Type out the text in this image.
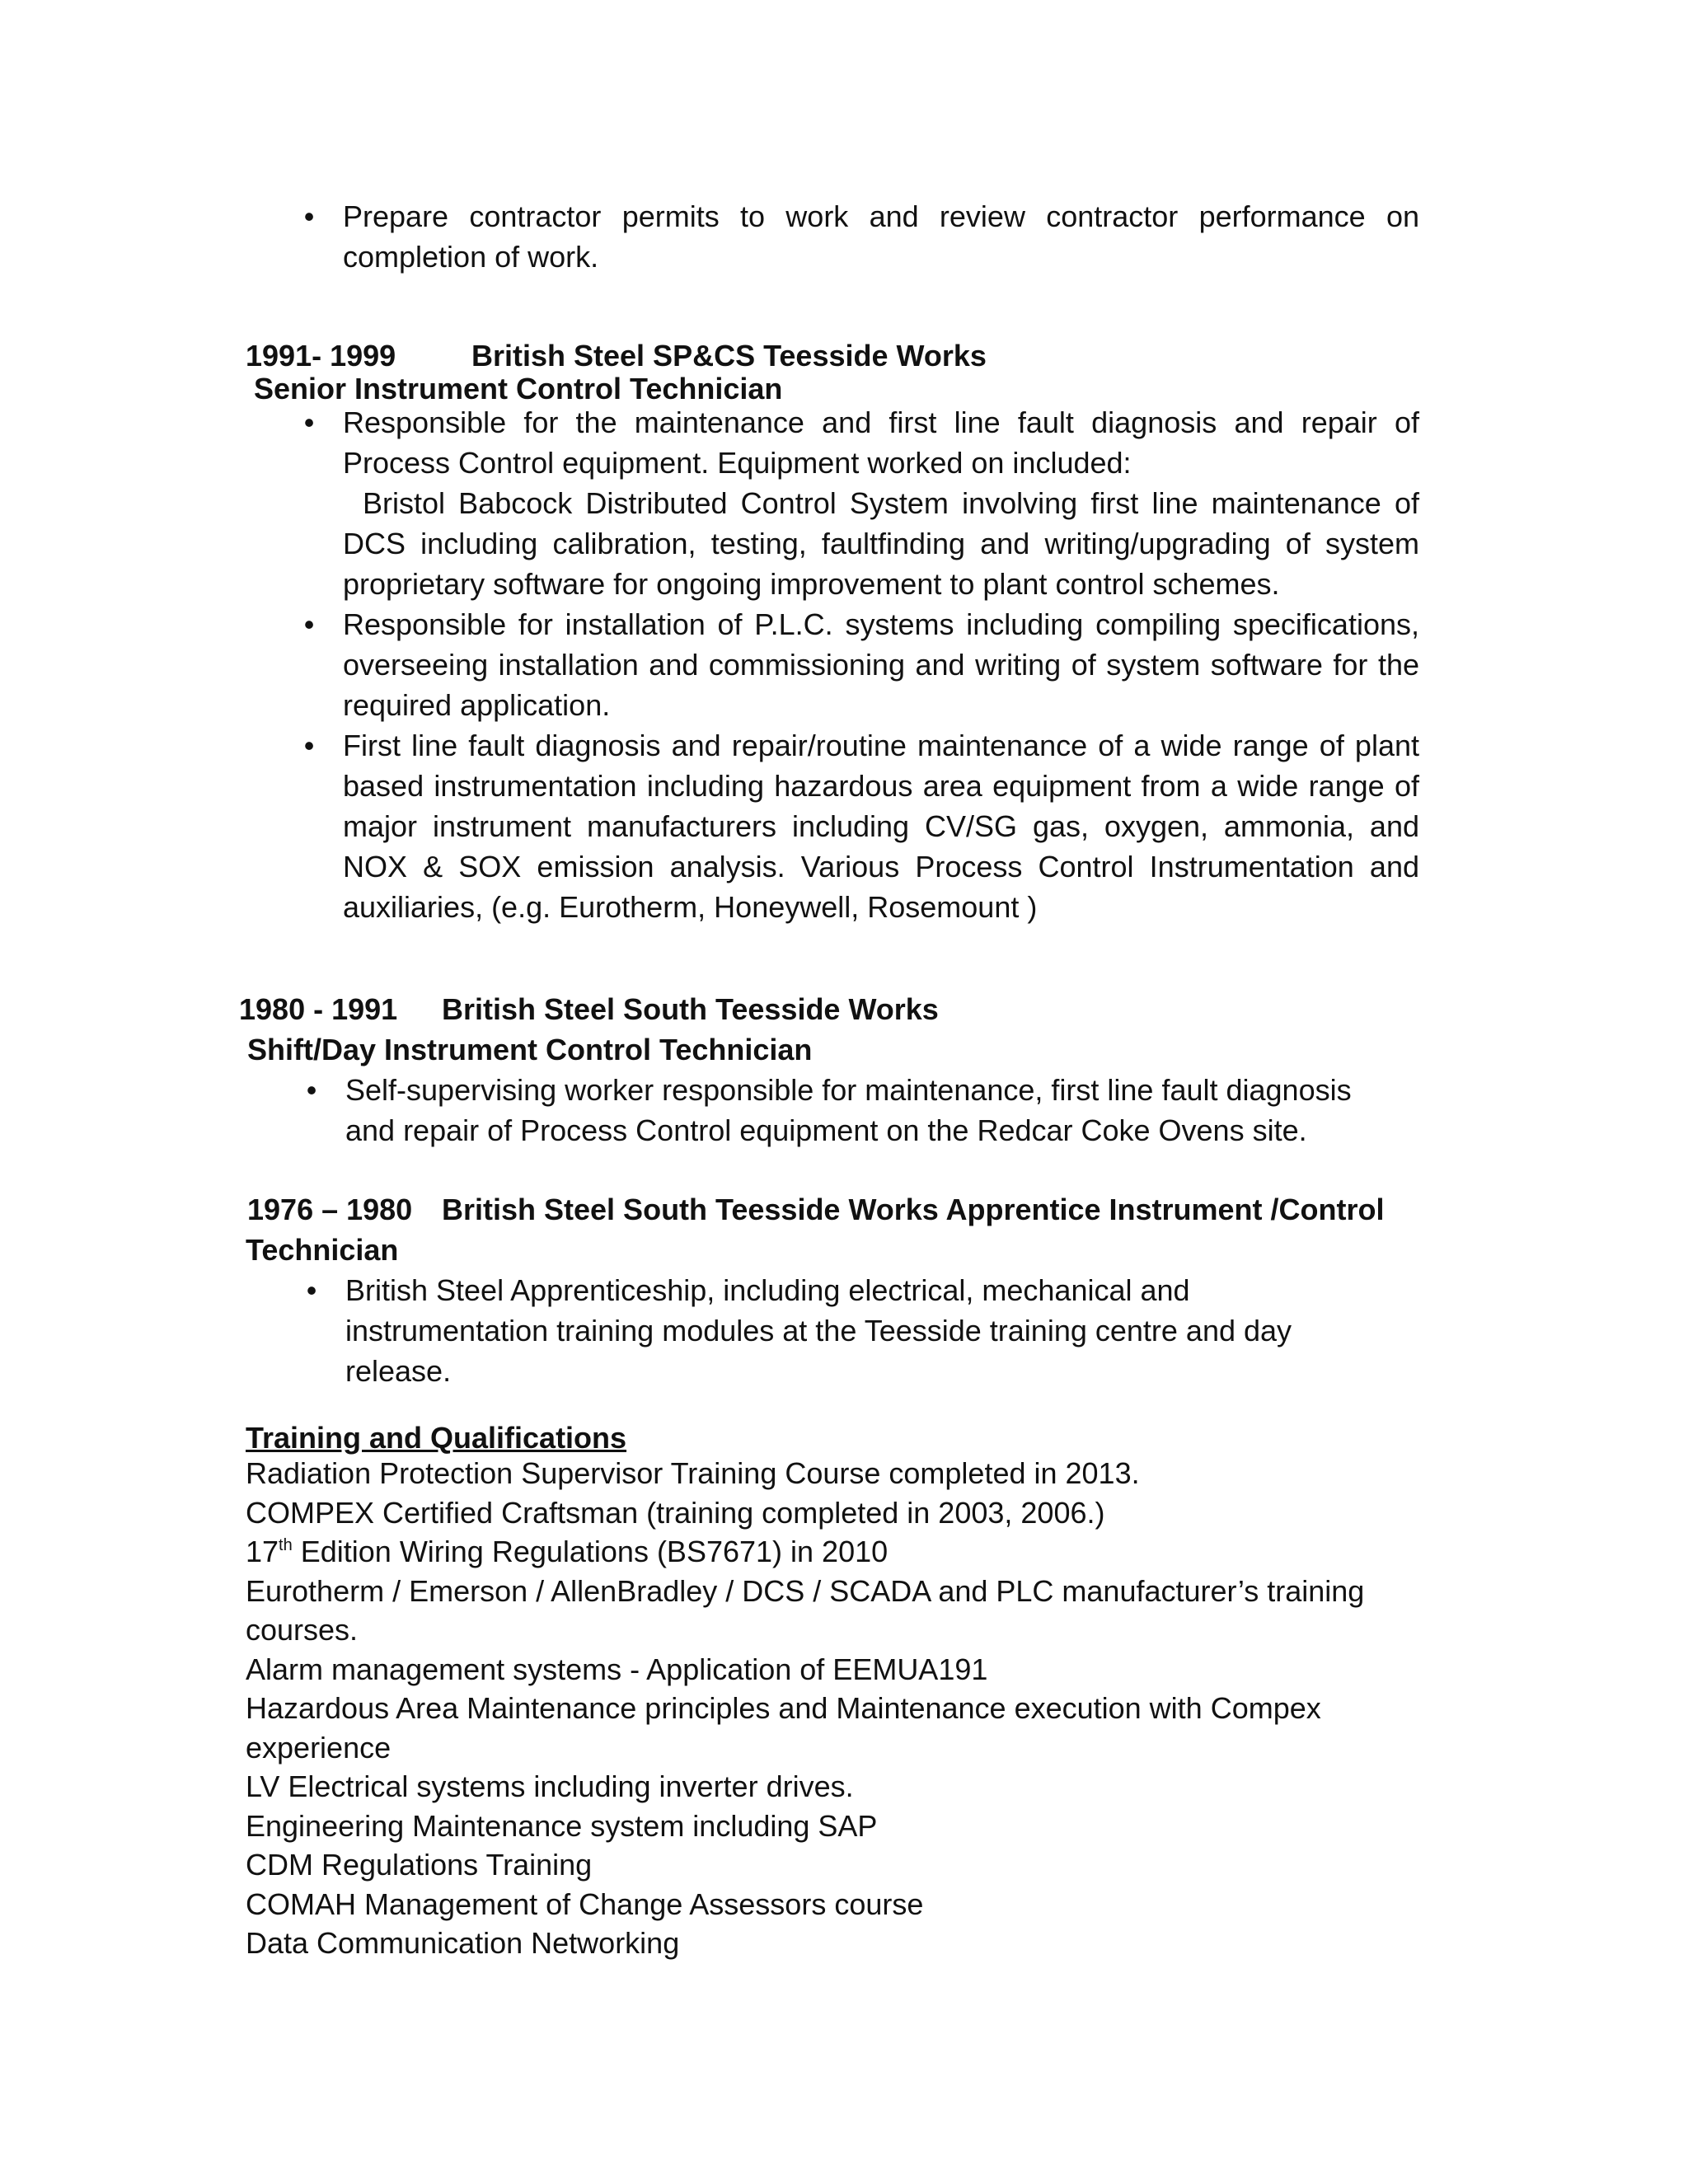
• Prepare contractor permits to work and review contractor performance on completion of work.
1991- 1999	British Steel SP&CS Teesside Works
Senior Instrument Control Technician
• Responsible for the maintenance and first line fault diagnosis and repair of Process Control equipment. Equipment worked on included:
Bristol Babcock Distributed Control System involving first line maintenance of DCS including calibration, testing, faultfinding and writing/upgrading of system proprietary software for ongoing improvement to plant control schemes.
• Responsible for installation of P.L.C. systems including compiling specifications, overseeing installation and commissioning and writing of system software for the required application.
• First line fault diagnosis and repair/routine maintenance of a wide range of plant based instrumentation including hazardous area equipment from a wide range of major instrument manufacturers including CV/SG gas, oxygen, ammonia, and NOX & SOX emission analysis. Various Process Control Instrumentation and auxiliaries, (e.g. Eurotherm, Honeywell, Rosemount )
1980 - 1991 British Steel South Teesside Works
Shift/Day Instrument Control Technician
• Self-supervising worker responsible for maintenance, first line fault diagnosis
and repair of Process Control equipment on the Redcar Coke Ovens site.
1976 – 1980 British Steel South Teesside Works Apprentice Instrument /Control
Technician
• British Steel Apprenticeship, including electrical, mechanical and
instrumentation training modules at the Teesside training centre and day
release.
Training and Qualifications
Radiation Protection Supervisor Training Course completed in 2013.
COMPEX Certified Craftsman (training completed in 2003, 2006.)
17th Edition Wiring Regulations (BS7671) in 2010
Eurotherm / Emerson / AllenBradley / DCS / SCADA and PLC manufacturer’s training
courses.
Alarm management systems - Application of EEMUA191
Hazardous Area Maintenance principles and Maintenance execution with Compex
experience
LV Electrical systems including inverter drives.
Engineering Maintenance system including SAP
CDM Regulations Training
COMAH Management of Change Assessors course
Data Communication Networking
